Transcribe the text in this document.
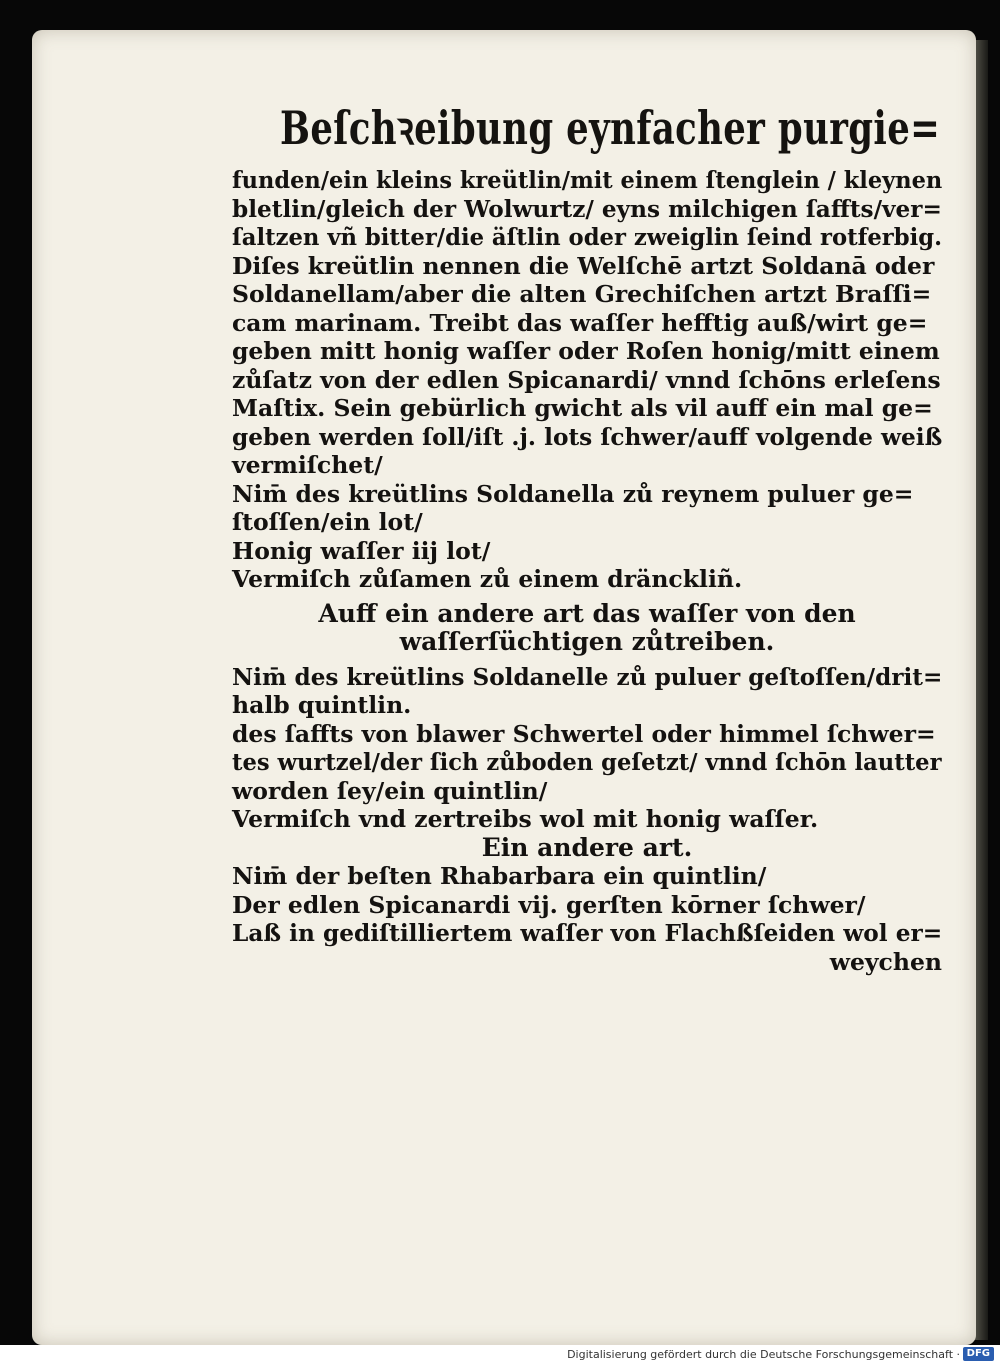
Beſchꝛeibung eynfacher purgie=
funden/ein kleins kreütlin/mit einem ſtenglein / kleynen
bletlin/gleich der Wolwurtz/ eyns milchigen ſaffts/ver=
ſaltzen vñ bitter/die äſtlin oder zweiglin ſeind rotferbig.
Diſes kreütlin nennen die Welſchē artzt Soldanā oder
Soldanellam/aber die alten Grechiſchen artzt Braſſi=
cam marinam. Treibt das waſſer hefftig auß/wirt ge=
geben mitt honig waſſer oder Roſen honig/mitt einem
zůſatz von der edlen Spicanardi/ vnnd ſchōns erleſens
Maſtix. Sein gebürlich gwicht als vil auff ein mal ge=
geben werden ſoll/iſt .j. lots ſchwer/auff volgende weiß
vermiſchet/
Nim̄ des kreütlins Soldanella zů reynem puluer ge=
ſtoſſen/ein lot/
Honig waſſer iij lot/
Vermiſch zůſamen zů einem dränckliñ.
Auff ein andere art das waſſer von den
waſſerſüchtigen zůtreiben.
Nim̄ des kreütlins Soldanelle zů puluer geſtoſſen/drit=
halb quintlin.
des ſaffts von blawer Schwertel oder himmel ſchwer=
tes wurtzel/der ſich zůboden geſetzt/ vnnd ſchōn lautter
worden ſey/ein quintlin/
Vermiſch vnd zertreibs wol mit honig waſſer.
Ein andere art.
Nim̄ der beſten Rhabarbara ein quintlin/
Der edlen Spicanardi vij. gerſten kōrner ſchwer/
Laß in gediſtilliertem waſſer von Flachßſeiden wol er=
weychen
Digitalisierung gefördert durch die Deutsche Forschungsgemeinschaft · DFG
